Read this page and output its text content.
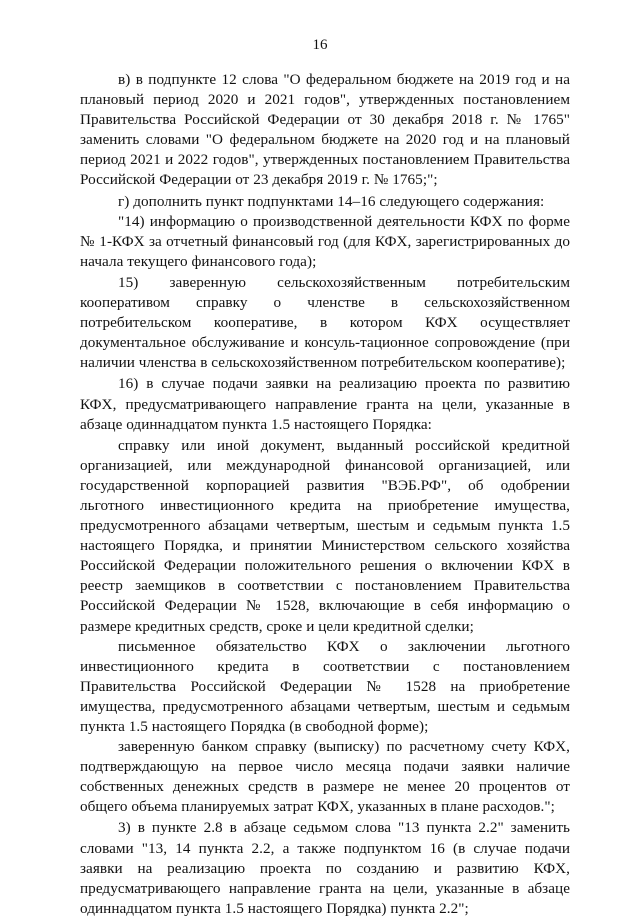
16

в) в подпункте 12 слова "О федеральном бюджете на 2019 год и на плановый период 2020 и 2021 годов", утвержденных постановлением Правительства Российской Федерации от 30 декабря 2018 г. № 1765" заменить словами "О федеральном бюджете на 2020 год и на плановый период 2021 и 2022 годов", утвержденных постановлением Правительства Российской Федерации от 23 декабря 2019 г. № 1765;";

г) дополнить пункт подпунктами 14–16 следующего содержания:

"14) информацию о производственной деятельности КФХ по форме № 1-КФХ за отчетный финансовый год (для КФХ, зарегистрированных до начала текущего финансового года);

15) заверенную сельскохозяйственным потребительским кооперативом справку о членстве в сельскохозяйственном потребительском кооперативе, в котором КФХ осуществляет документальное обслуживание и консуль-тационное сопровождение (при наличии членства в сельскохозяйственном потребительском кооперативе);

16) в случае подачи заявки на реализацию проекта по развитию КФХ, предусматривающего направление гранта на цели, указанные в абзаце одиннадцатом пункта 1.5 настоящего Порядка:

справку или иной документ, выданный российской кредитной организацией, или международной финансовой организацией, или государственной корпорацией развития "ВЭБ.РФ", об одобрении льготного инвестиционного кредита на приобретение имущества, предусмотренного абзацами четвертым, шестым и седьмым пункта 1.5 настоящего Порядка, и принятии Министерством сельского хозяйства Российской Федерации положительного решения о включении КФХ в реестр заемщиков в соответствии с постановлением Правительства Российской Федерации № 1528, включающие в себя информацию о размере кредитных средств, сроке и цели кредитной сделки;

письменное обязательство КФХ о заключении льготного инвестиционного кредита в соответствии с постановлением Правительства Российской Федерации № 1528 на приобретение имущества, предусмотренного абзацами четвертым, шестым и седьмым пункта 1.5 настоящего Порядка (в свободной форме);

заверенную банком справку (выписку) по расчетному счету КФХ, подтверждающую на первое число месяца подачи заявки наличие собственных денежных средств в размере не менее 20 процентов от общего объема планируемых затрат КФХ, указанных в плане расходов.";

3) в пункте 2.8 в абзаце седьмом слова "13 пункта 2.2" заменить словами "13, 14 пункта 2.2, а также подпунктом 16 (в случае подачи заявки на реализацию проекта по созданию и развитию КФХ, предусматривающего направление гранта на цели, указанные в абзаце одиннадцатом пункта 1.5 настоящего Порядка) пункта 2.2";
